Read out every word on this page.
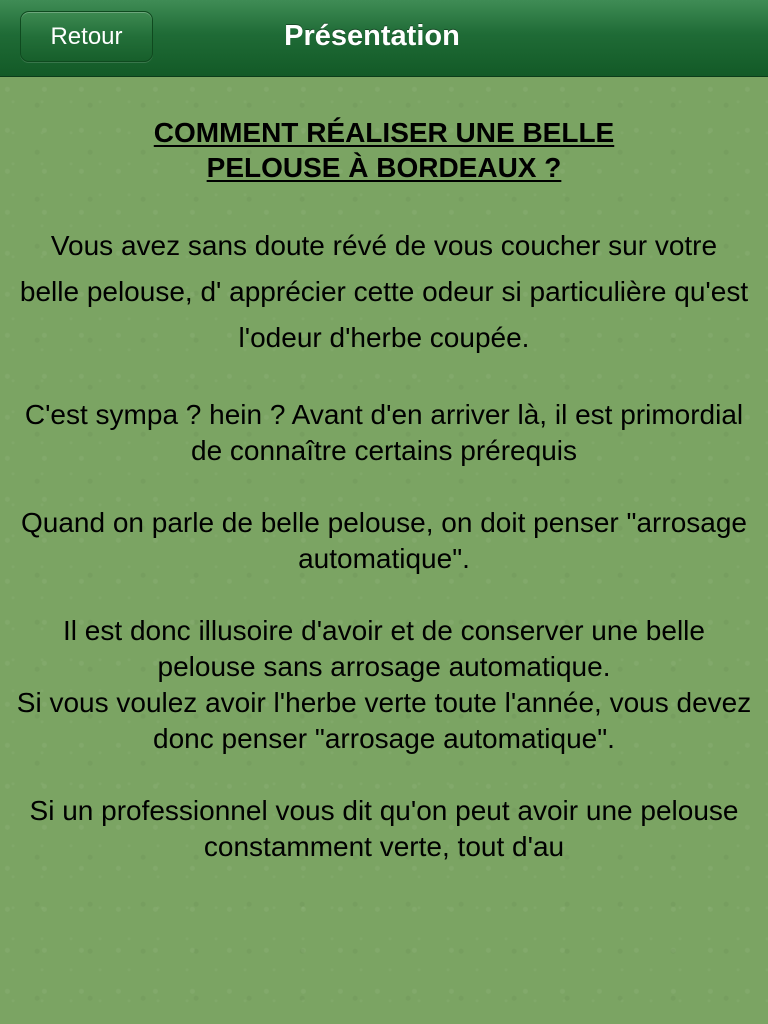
Retour	Présentation
COMMENT RÉALISER UNE BELLE
PELOUSE À BORDEAUX ?
Vous avez sans doute révé de vous coucher sur votre belle pelouse, d' apprécier cette odeur si particulière qu'est l'odeur d'herbe coupée.
C'est sympa ? hein ? Avant d'en arriver là, il est primordial de connaître certains prérequis
Quand on parle de belle pelouse, on doit penser "arrosage automatique".
Il est donc illusoire d'avoir et de conserver une belle pelouse sans arrosage automatique.
Si vous voulez avoir l'herbe verte toute l'année, vous devez donc penser "arrosage automatique".
Si un professionnel vous dit qu'on peut avoir une pelouse constamment verte, tout d'au
